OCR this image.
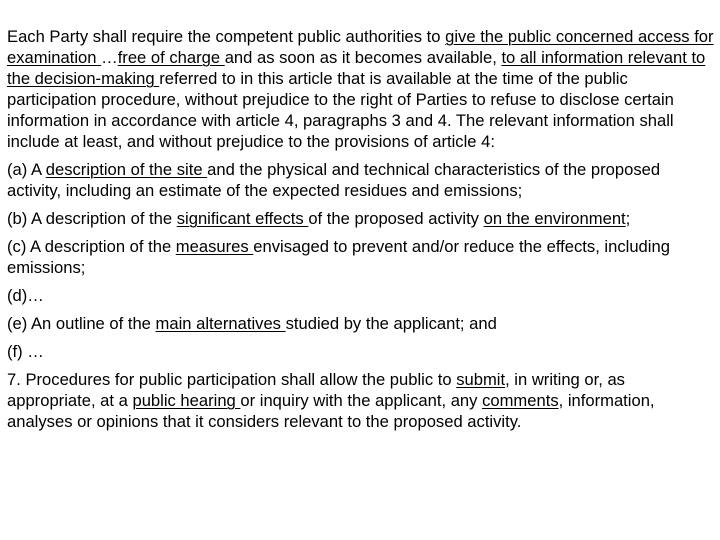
Each Party shall require the competent public authorities to give the public concerned access for examination …free of charge and as soon as it becomes available, to all information relevant to the decision-making referred to in this article that is available at the time of the public participation procedure, without prejudice to the right of Parties to refuse to disclose certain information in accordance with article 4, paragraphs 3 and 4. The relevant information shall include at least, and without prejudice to the provisions of article 4:

(a) A description of the site and the physical and technical characteristics of the proposed activity, including an estimate of the expected residues and emissions;

(b) A description of the significant effects of the proposed activity on the environment;

(c) A description of the measures envisaged to prevent and/or reduce the effects, including emissions;

(d)…

(e) An outline of the main alternatives studied by the applicant; and

(f) …

7. Procedures for public participation shall allow the public to submit, in writing or, as appropriate, at a public hearing or inquiry with the applicant, any comments, information, analyses or opinions that it considers relevant to the proposed activity.
